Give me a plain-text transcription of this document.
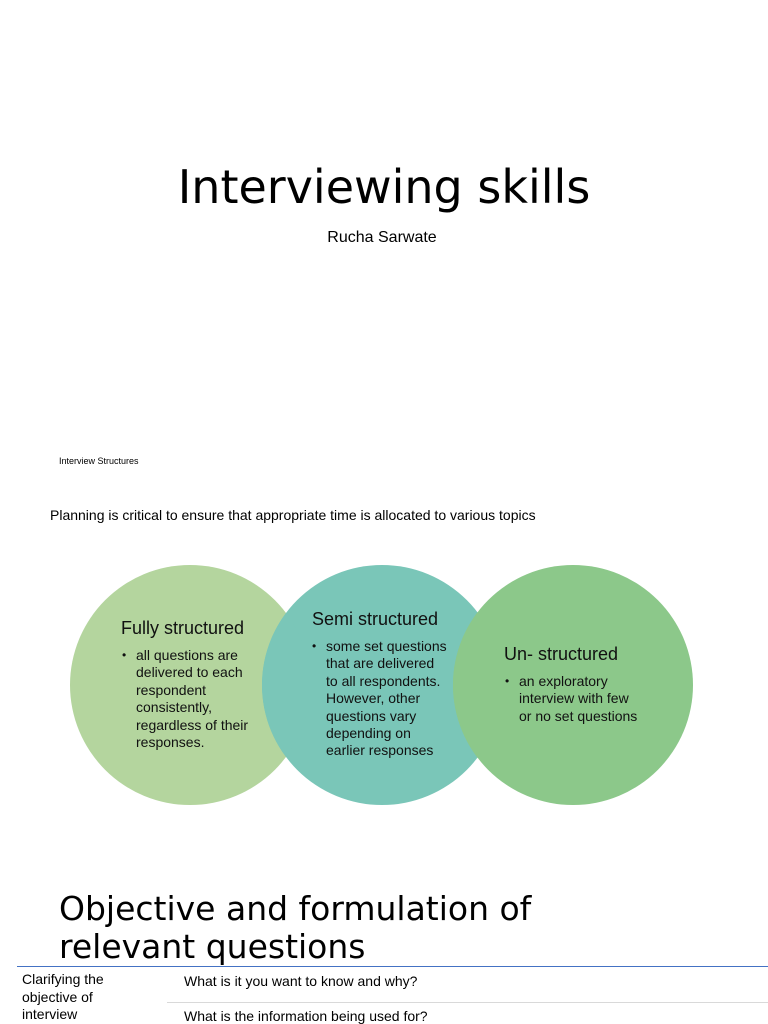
Interviewing skills
Rucha Sarwate
Interview Structures
Planning is critical to ensure that appropriate time is allocated to various topics
Fully structured
• all questions are
delivered to each
respondent
consistently,
regardless of their
responses.
Semi structured
• some set questions
that are delivered
to all respondents.
However, other
questions vary
depending on
earlier responses
Un- structured
• an exploratory
interview with few
or no set questions
Objective and formulation of
relevant questions
Clarifying the
objective of
interview
What is it you want to know and why?
What is the information being used for?
